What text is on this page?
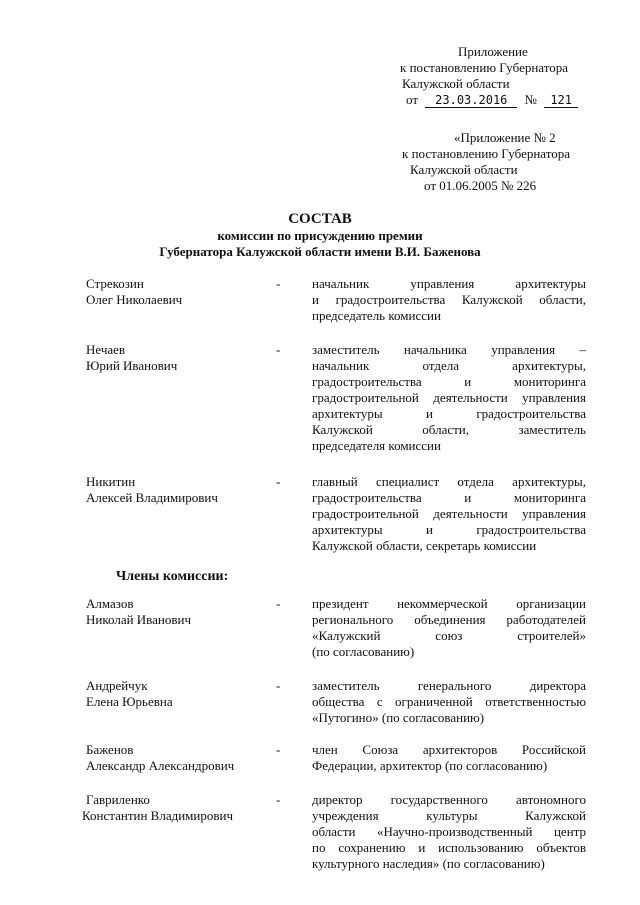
Приложение
к постановлению Губернатора
Калужской области
от 23.03.2016 № 121
«Приложение № 2
к постановлению Губернатора
Калужской области
от 01.06.2005 № 226
СОСТАВ
комиссии по присуждению премии
Губернатора Калужской области имени В.И. Баженова
Стрекозин
Олег Николаевич
-	начальник управления архитектуры
и градостроительства Калужской области,
председатель комиссии
Нечаев
Юрий Иванович
-	заместитель начальника управления –
начальник отдела архитектуры,
градостроительства и мониторинга
градостроительной деятельности управления
архитектуры и градостроительства
Калужской области, заместитель
председателя комиссии
Никитин
Алексей Владимирович
-	главный специалист отдела архитектуры,
градостроительства и мониторинга
градостроительной деятельности управления
архитектуры и градостроительства
Калужской области, секретарь комиссии
Члены комиссии:
Алмазов
Николай Иванович
-	президент некоммерческой организации
регионального объединения работодателей
«Калужский союз строителей»
(по согласованию)
Андрейчук
Елена Юрьевна
-	заместитель генерального директора
общества с ограниченной ответственностью
«Путогино» (по согласованию)
Баженов
Александр Александрович
-	член Союза архитекторов Российской
Федерации, архитектор (по согласованию)
Гавриленко
Константин Владимирович
-	директор государственного автономного
учреждения культуры Калужской
области «Научно-производственный центр
по сохранению и использованию объектов
культурного наследия» (по согласованию)
